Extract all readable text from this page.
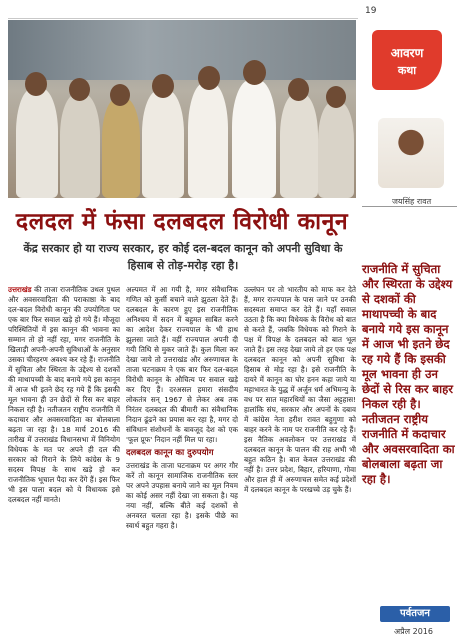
19
आवरण
कथा
जयसिंह रावत
दलदल में फंसा दलबदल विरोधी कानून
केंद्र सरकार हो या राज्य सरकार, हर कोई दल-बदल कानून को अपनी सुविधा के हिसाब से तोड़-मरोड़ रहा है।	राजनीति में सुचिता और स्थिरता के उद्देश्य से दशकों की माथापच्ची के बाद बनाये गये इस कानून में आज भी इतने छेद रह गये हैं कि इसकी मूल भावना ही उन छेदों से रिस कर बाहर निकल रही है। नतीजतन राष्ट्रीय राजनीति में कदाचार और अवसरवादिता का बोलबाला बढ़ता जा रहा है।

उत्तराखंड की ताजा राजनीतिक उथल पुथल और अवसरवादिता की पराकाष्ठा के बाद दल-बदल विरोधी कानून की उपयोगिता पर एक बार फिर सवाल खड़े हो गये हैं। मौजूदा परिस्थितियों में इस कानून की भावना का सम्मान तो हो नहीं रहा, मगर राजनीति के खिलाड़ी अपनी-अपनी सुविधाओं के अनुसार उसका चीरहरण अवश्य कर रहे हैं। राजनीति में सुचिता और स्थिरता के उद्देश्य से दशकों की माथापच्ची के बाद बनाये गये इस कानून में आज भी इतने छेद रह गये हैं कि इसकी मूल भावना ही उन छेदों से रिस कर बाहर निकल रही है। नतीजतन राष्ट्रीय राजनीति में कदाचार और अवसरवादिता का बोलबाला बढ़ता जा रहा है। 18 मार्च 2016 की तारीख में उत्तराखंड विधानसभा में विनियोग विधेयक के मत पर अपने ही दल की सरकार को गिराने के लिये कांग्रेस के 9 सदस्य विपक्ष के साथ खड़े हो कर राजनीतिक भूचाल पैदा कर देंगे हैं। इस फिर भी इस पाला बदल को ये विधायक इसे दलबदल नहीं मानते।

अल्पमत में आ गयी है, मगर संवैधानिक गणित को कुर्सी बचाने वाले झुठला देते हैं। दलबदल के कारण हुए इस राजनीतिक अनिश्चय में सदन में बहुमत साबित करने का आदेश देकर राज्यपाल के भी हाथ झुलसा जाते हैं। वहीं राज्यपाल अपनी दी गयी तिथि से मुकर जाते हैं। कुल मिला कर देखा जाये तो उत्तराखंड और अरुणाचल के ताजा घटनाक्रम ने एक बार फिर दल-बदल विरोधी कानून के औचित्य पर सवाल खड़े कर दिए हैं। दरअसल हमारा संसदीय लोकतंत्र सन् 1967 से लेकर अब तक निरंतर दलबदल की बीमारी का संवैधानिक निदान ढूंढने का प्रयास कर रहा है, मगर दो संविधान संशोधनों के बावजूद देश को एक 'फूल प्रूफ' निदान नहीं मिल पा रहा।

दलबदल कानून का दुरुपयोग

उत्तराखंड के ताजा घटनाक्रम पर अगर गौर करें तो कानून सामाजिक राजनीतिक स्तर पर अपने उपहास बनाये जाने का मूल नियम का कोई असर नहीं देखा जा सकता है। यह नया नहीं, बल्कि बीते कई दशकों से अनवरत चलता रहा है। इसके पीछे का स्वार्थ बहुत गहरा है।

उल्लंघन पर तो भारतीय को माफ कर देते हैं, मगर राज्यपाल के पास जाने पर उनकी सदस्यता समाप्त कर देते हैं। यहाँ सवाल उठता है कि क्या विधेयक के विरोध को बात से करते हैं, जबकि विधेयक को गिराने के पक्ष में विपक्ष के दलबदल को बात भूल जाते हैं। इस तरह देखा जाये तो हर एक पक्ष दलबदल कानून को अपनी सुविधा के हिसाब से मोड़ रहा है। इसे राजनीति के दायरे में कानून का घोर हनन कहा जाये या महाभारत के युद्ध में अर्जुन धर्म अभिमन्यु के वध पर सात महारथियों का जैसा अट्टहास! हालांकि संघ, सरकार और अपनों के दबाव में कांग्रेस नेता हरीश रावत बहुगुणा को बाहर करने के नाम पर राजनीति कर रहे हैं। इस नैतिक अवलोकन पर उत्तराखंड में दलबदल कानून के पालन की राह अभी भी बहुत कठिन है। बात केवल उत्तराखंड की नहीं है। उत्तर प्रदेश, बिहार, हरियाणा, गोवा और हाल ही में अरुणाचल समेत कई प्रदेशों में दलबदल कानून के परखच्चे उड़ चुके हैं।

पर्वतजन
अप्रैल 2016
